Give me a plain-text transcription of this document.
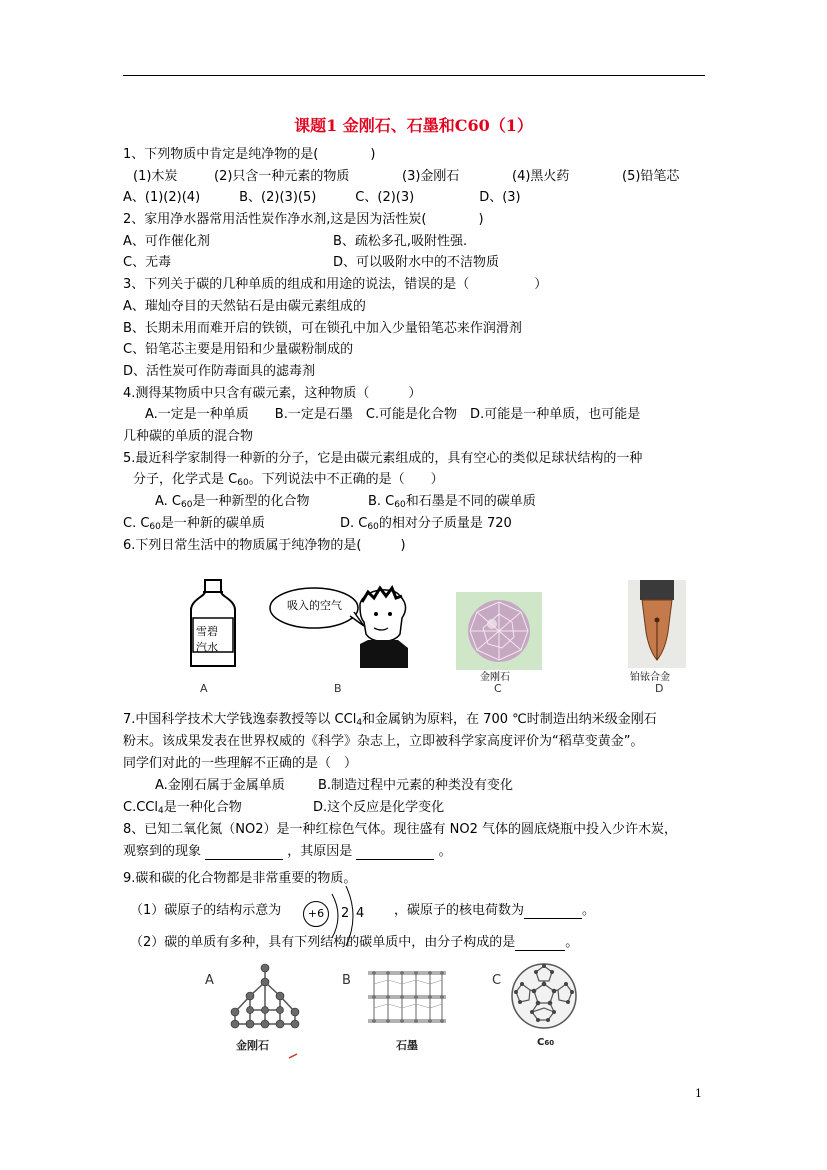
课题1 金刚石、石墨和C60（1）
1、下列物质中肯定是纯净物的是(　　　　)
(1)木炭	(2)只含一种元素的物质	(3)金刚石	(4)黑火药	(5)铅笔芯
A、(1)(2)(4)　　　B、(2)(3)(5)　　　C、(2)(3)　　　　　D、(3)
2、家用净水器常用活性炭作净水剂,这是因为活性炭(　　　　)
A、可作催化剂	B、疏松多孔,吸附性强.
C、无毒	D、可以吸附水中的不洁物质
3、下列关于碳的几种单质的组成和用途的说法，错误的是（　　　　　）
A、璀灿夺目的天然钻石是由碳元素组成的
B、长期未用而难开启的铁锁，可在锁孔中加入少量铅笔芯来作润滑剂
C、铅笔芯主要是用铅和少量碳粉制成的
D、活性炭可作防毒面具的滤毒剂
4.测得某物质中只含有碳元素，这种物质（　　　）
A.一定是一种单质　　B.一定是石墨　C.可能是化合物　D.可能是一种单质，也可能是
几种碳的单质的混合物
5.最近科学家制得一种新的分子，它是由碳元素组成的，具有空心的类似足球状结构的一种
分子，化学式是 $C_{60}$。下列说法中不正确的是（　　）
A. $C_{60}$是一种新型的化合物	B. $C_{60}$和石墨是不同的碳单质
C. $C_{60}$是一种新的碳单质	D. $C_{60}$的相对分子质量是 720
6.下列日常生活中的物质属于纯净物的是(　　　)
雪碧
汽水
吸入的空气
金刚石	铂铱合金
A	B	C	D
7.中国科学技术大学钱逸泰教授等以 CCl$_4$和金属钠为原料，在 700 ℃时制造出纳米级金刚石
粉末。该成果发表在世界权威的《科学》杂志上，立即被科学家高度评价为“稻草变黄金”。
同学们对此的一些理解不正确的是（　）
A.金刚石属于金属单质	B.制造过程中元素的种类没有变化
C.CCl$_4$是一种化合物	D.这个反应是化学变化
8、已知二氧化氮（NO2）是一种红棕色气体。现往盛有 NO2 气体的圆底烧瓶中投入少许木炭，
观察到的现象	，其原因是	。
9.碳和碳的化合物都是非常重要的物质。
（1）碳原子的结构示意为	+6	2 4 ，碳原子的核电荷数为	。
（2）碳的单质有多种，具有下列结构的碳单质中，由分子构成的是	。
A	B	C
金刚石	石墨	C60
1
